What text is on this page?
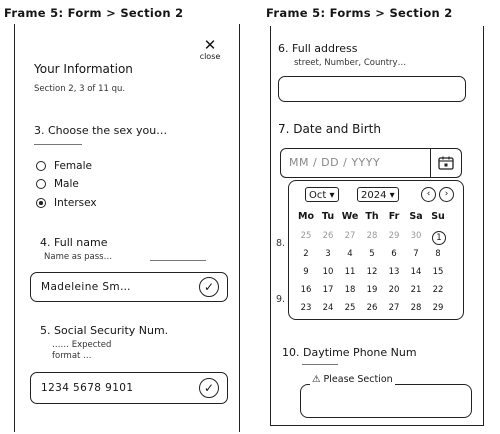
Frame 5: Form > Section 2
✕
close
Your Information
Section 2, 3 of 11 qu.
3. Choose the sex you…
Female
Male
Intersex
4. Full name
Name as pass…
Madeleine Sm…	✓
5. Social Security Num.
…… Expected
format …
1234 5678 9101	✓
Frame 5: Forms > Section 2
6. Full address
street, Number, Country…
7. Date and Birth
MM / DD / YYYY
8.
9.
Oct ▾	2024 ▾	‹	›
Mo Tu We Th	Fr	Sa Su
25	26	27	28	29	30	1
2	3	4	5	6	7	8
9	10	11	12	13	14	15
16	17	18	19	20	21	22
23	24	25	26	27	28	29
10. Daytime Phone Num
⚠ Please Section
